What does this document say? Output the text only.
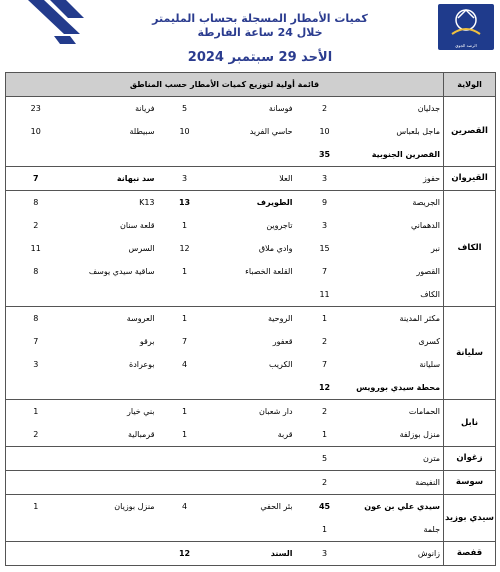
الرصد الجوي
كميات الأمطار المسجلة بحساب المليمتر
خلال 24 ساعة الفارطة
الأحد 29 سبتمبر 2024
الولاية	قائمة أولية لتوزيع كميات الأمطار حسب المناطق					
القصرين	جدليان	2	فوسانة	5	فريانة	23
	ماجل بلعباس	10	حاسي الفريد	10	سبيطلة	10
	القصرين الجنوبية	35				
القيروان	حفوز	3	العلا	3	سد نبهانة	7
الكاف	الجريصة	9	الطويرف	13	K13	8
	الدهماني	3	تاجروين	1	قلعة سنان	2
	نبر	15	وادي ملاق	12	السرس	11
	القصور	7	القلعة الخصباء	1	ساقية سيدي يوسف	8
	الكاف	11				
سليانة	مكثر المدينة	1	الروحية	1	العروسة	8
	كسرى	2	قعفور	7	برقو	7
	سليانة	7	الكريب	4	بوعرادة	3
	محطة سيدي بورويس	12				
نابل	الحمامات	2	دار شعبان	1	بني خيار	1
	منزل بوزلفة	1	قربة	1	قرمبالية	2
زغوان	مترن	5				
سوسة	النفيضة	2				
سيدي بوزيد	سيدي علي بن عون	45	بئر الحفي	4	منزل بوزيان	1
	جلمة	1				
قفصة	زانوش	3	السند	12		
